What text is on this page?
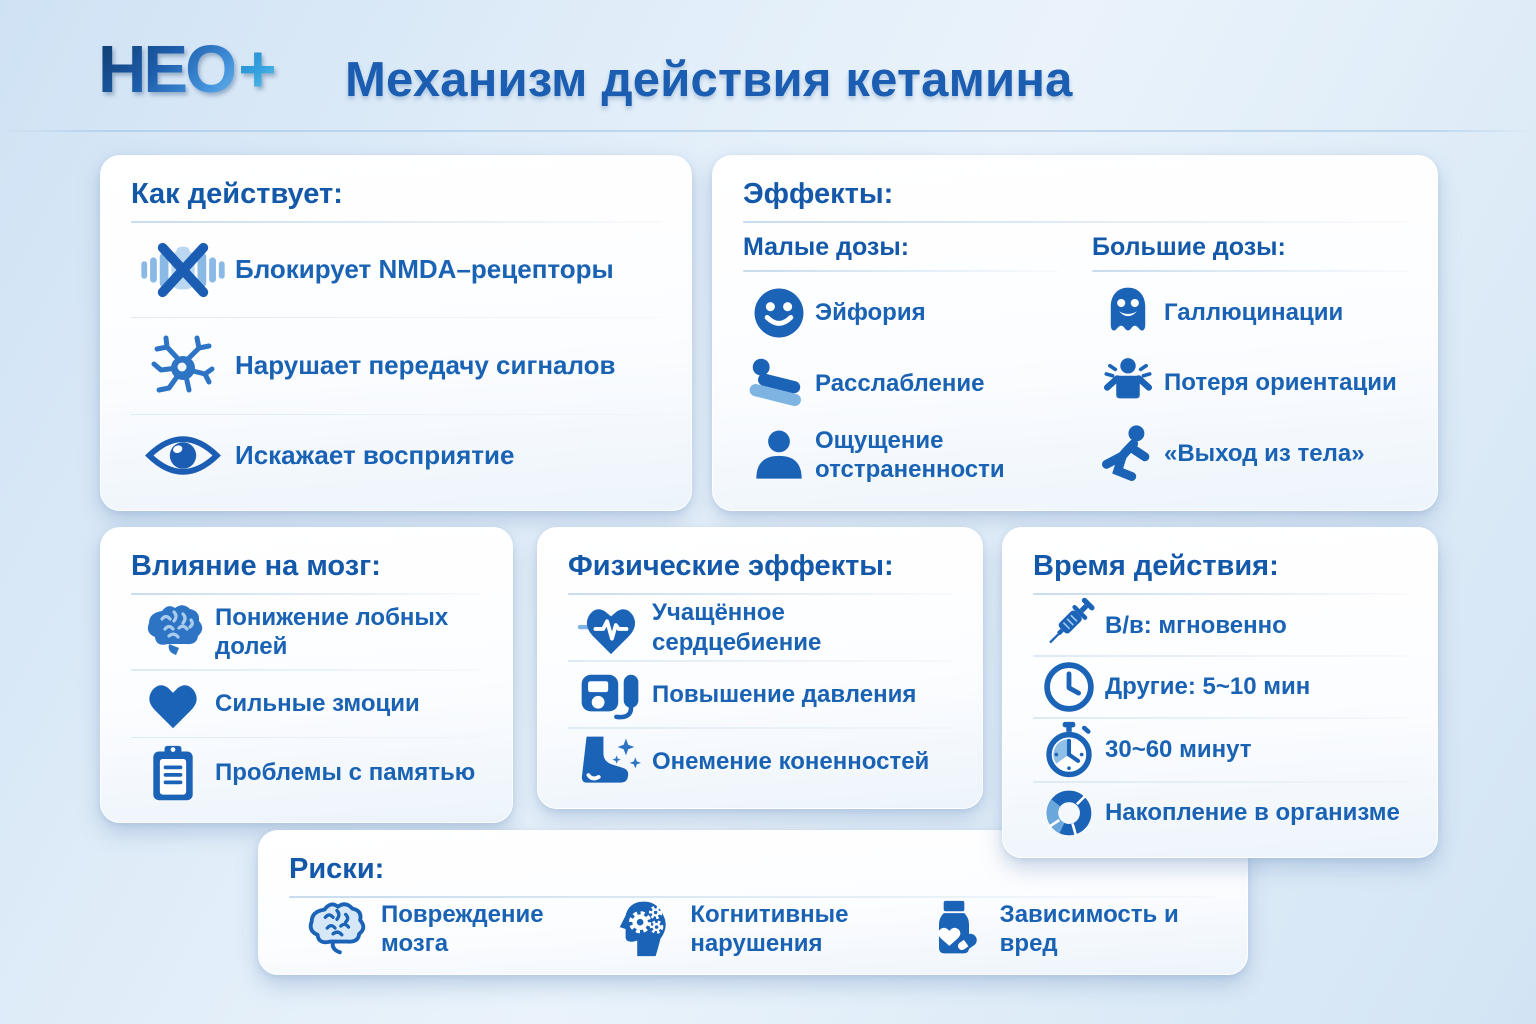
НЕО + Механизм действия кетамина
Как действует:
Блокирует NMDA–рецепторы
Нарушает передачу сигналов
Искажает восприятие
Эффекты:
Малые дозы:
Эйфория
Расслабление
Ощущение отстраненности
Большие дозы:
Галлюцинации
Потеря ориентации
«Выход из тела»
Влияние на мозг:
Понижение лобных долей
Сильные змоции
Проблемы с памятью
Физические эффекты:
Учащённое сердцебиение
Повышение давления
Онемение коненностей
Риски:
Повреждение мозга
Когнитивные нарушения
Зависимость и вред
Время действия:
В/в: мгновенно
Другие: 5~10 мин
30~60 минут
Накопление в организме
